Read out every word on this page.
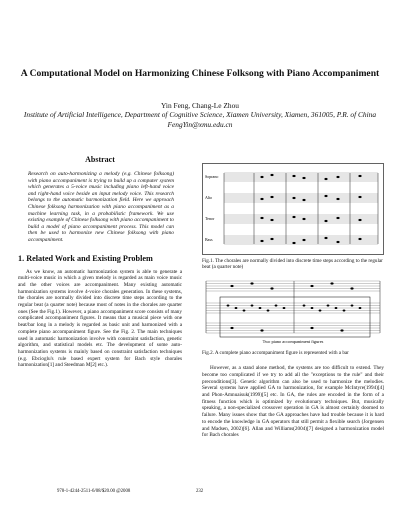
A Computational Model on Harmonizing Chinese Folksong with Piano Accompaniment
Yin Feng, Chang-Le Zhou
Institute of Artificial Intelligence, Department of Cognitive Science, Xiamen University, Xiamen, 361005, P.R. of China
FengYin@xmu.edu.cn
Abstract

Research on auto-harmonizing a melody (e.g. Chinese folksong) with piano accompaniment is trying to build up a computer system which generates a 5-voice music including piano left-hand voice and right-hand voice beside an input melody voice. This research belongs to the automatic harmonization field. Here we approach Chinese folksong harmonization with piano accompaniment as a machine learning task, in a probabilistic framework. We use existing example of Chinese folksong with piano accompaniment to build a model of piano accompaniment process. This model can then be used to harmonize new Chinese folksong with piano accompaniment.

1. Related Work and Existing Problem

As we know, an automatic harmonization system is able to generate a multi-voice music in which a given melody is regarded as main voice music and the other voices are accompaniment. Many existing automatic harmonization systems involve 4-voice chorales generation. In these systems, the chorales are normally divided into discrete time steps according to the regular beat (a quarter note) because most of notes in the chorales are quarter ones (See the Fig.1). However, a piano accompaniment score consists of many complicated accompaniment figures. It means that a musical piece with one beat/bar long in a melody is regarded as basic unit and harmonized with a complete piano accompaniment figure. See the Fig. 2. The main techniques used in automatic harmonization involve with constraint satisfaction, genetic algorithm, and statistical models etc. The development of some auto-harmonization systems is mainly based on constraint satisfaction techniques (e.g. Ebcioglu's rule based expert system for Bach style chorales harmonization[1] and Steedman M[2] etc.).

Soprano
Alto
Tenor
Bass

Fig.1. The chorales are normally divided into discrete time steps according to the regular beat (a quarter note)

Two piano accompaniment figures

Fig.2. A complete piano accompaniment figure is represented with a bar

However, as a stand alone method, the systems are too difficult to extend. They become too complicated if we try to add all the "exceptions to the rule" and their preconditions[3]. Genetic algorithm can also be used to harmonize the melodies. Several systems have applied GA to harmonization, for example McIntyre(1994)[4] and Phon-Amnuaisuk(1999)[5] etc. In GA, the rules are encoded in the form of a fitness function which is optimized by evolutionary techniques. But, musically speaking, a non-specialized crossover operation in GA is almost certainly doomed to failure. Many issues show that the GA approaches have had trouble because it is hard to encode the knowledge in GA operators that still permit a flexible search (Jorgensen and Madsen, 2002)[6]. Allan and Williams(2004)[7] designed a harmonization model for Bach chorales

978-1-4244-2511-6/08/$20.00 @2008	232
